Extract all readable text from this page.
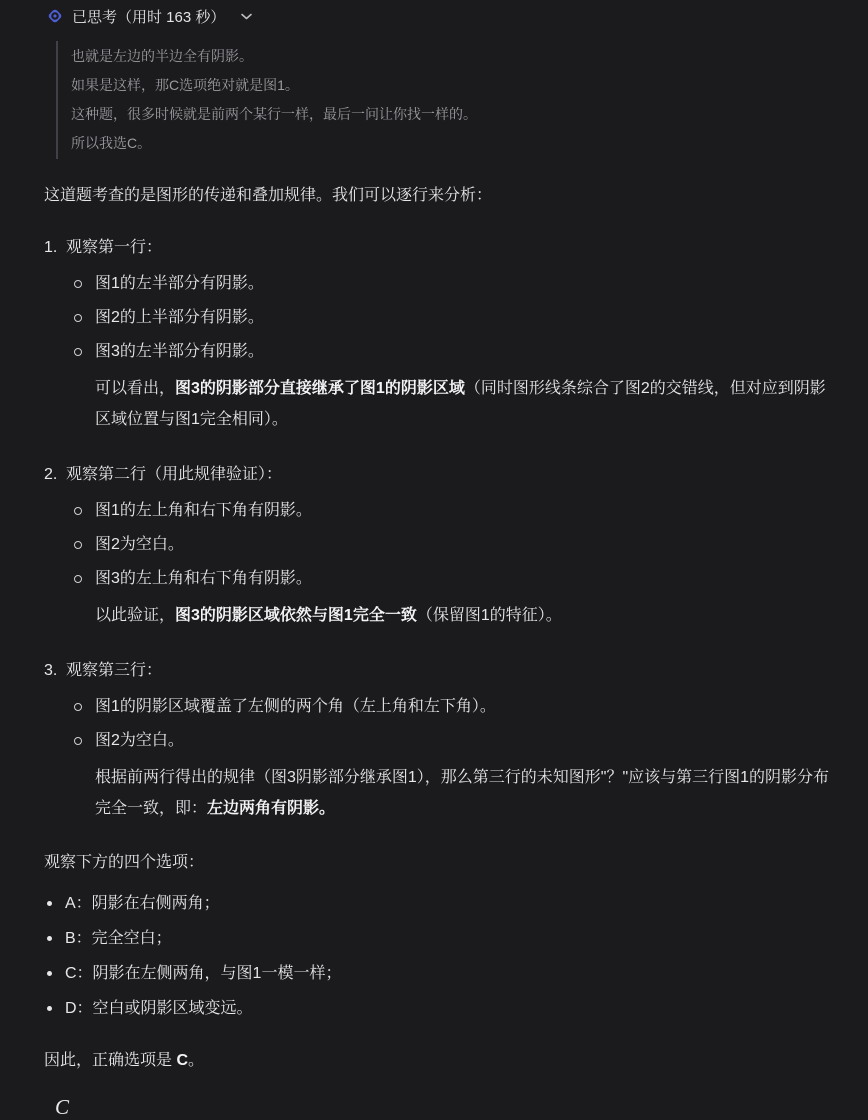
已思考（用时 163 秒）
也就是左边的半边全有阴影。
如果是这样，那C选项绝对就是图1。
这种题，很多时候就是前两个某行一样，最后一问让你找一样的。
所以我选C。
这道题考查的是图形的传递和叠加规律。我们可以逐行来分析：
1. 观察第一行：
图1的左半部分有阴影。
图2的上半部分有阴影。
图3的左半部分有阴影。
可以看出，图3的阴影部分直接继承了图1的阴影区域（同时图形线条综合了图2的交错线，但对应到阴影区域位置与图1完全相同）。
2. 观察第二行（用此规律验证）：
图1的左上角和右下角有阴影。
图2为空白。
图3的左上角和右下角有阴影。
以此验证，图3的阴影区域依然与图1完全一致（保留图1的特征）。
3. 观察第三行：
图1的阴影区域覆盖了左侧的两个角（左上角和左下角）。
图2为空白。
根据前两行得出的规律（图3阴影部分继承图1），那么第三行的未知图形"？"应该与第三行图1的阴影分布完全一致，即：左边两角有阴影。
观察下方的四个选项：
A：阴影在右侧两角；
B：完全空白；
C：阴影在左侧两角，与图1一模一样；
D：空白或阴影区域变远。
因此，正确选项是 C。
C
